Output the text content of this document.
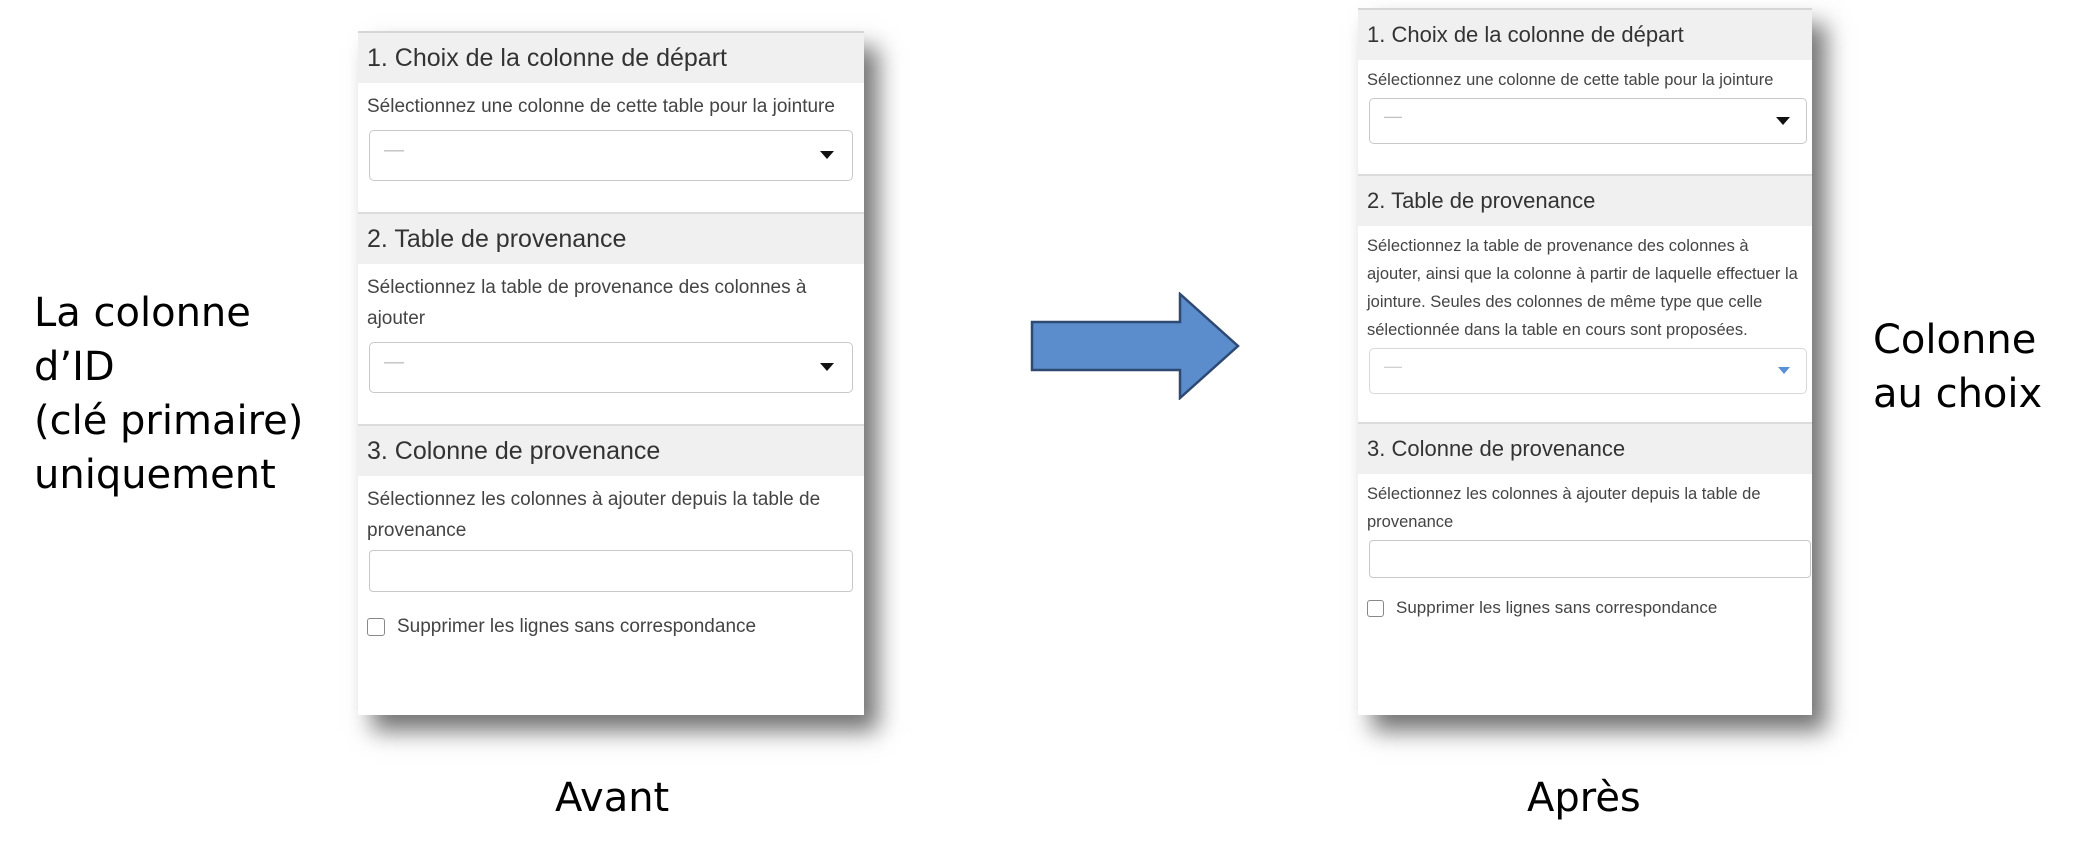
La colonne d’ID
(clé primaire)
uniquement
1. Choix de la colonne de départ
Sélectionnez une colonne de cette table pour la jointure
—
2. Table de provenance
Sélectionnez la table de provenance des colonnes à ajouter
—
3. Colonne de provenance
Sélectionnez les colonnes à ajouter depuis la table de provenance
Supprimer les lignes sans correspondance
1. Choix de la colonne de départ
Sélectionnez une colonne de cette table pour la jointure
—
2. Table de provenance
Sélectionnez la table de provenance des colonnes à ajouter, ainsi que la colonne à partir de laquelle effectuer la jointure. Seules des colonnes de même type que celle sélectionnée dans la table en cours sont proposées.
—
3. Colonne de provenance
Sélectionnez les colonnes à ajouter depuis la table de provenance
Supprimer les lignes sans correspondance
Colonne
au choix
Avant	Après
